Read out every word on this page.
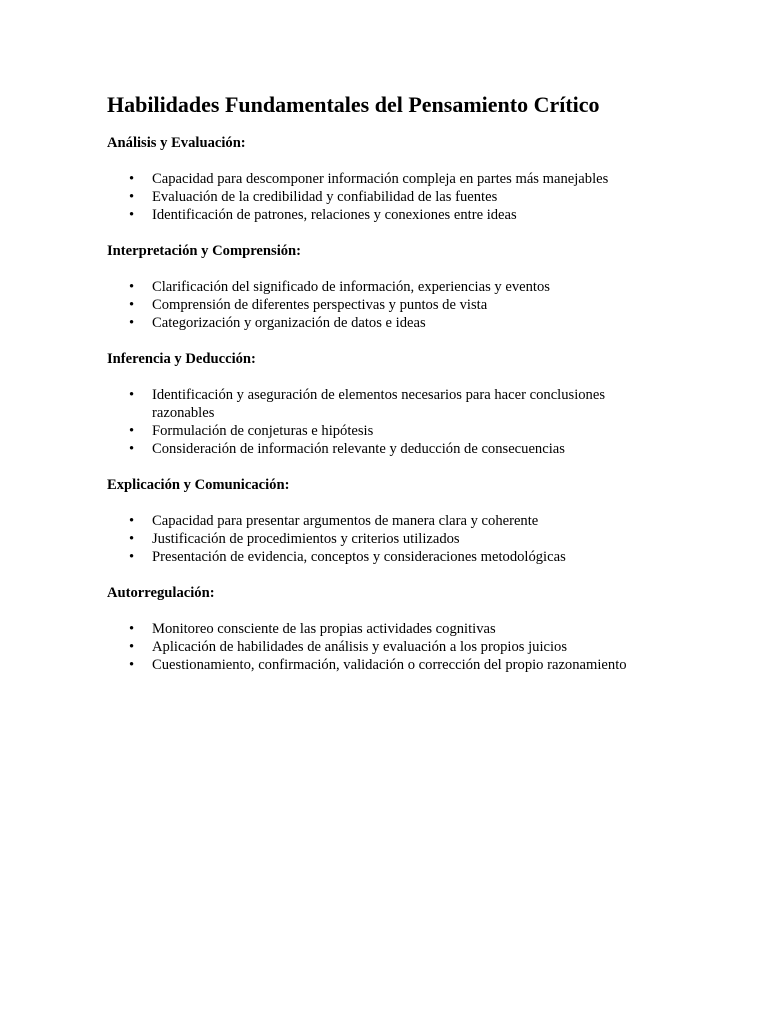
Habilidades Fundamentales del Pensamiento Crítico

Análisis y Evaluación:

• Capacidad para descomponer información compleja en partes más manejables
• Evaluación de la credibilidad y confiabilidad de las fuentes
• Identificación de patrones, relaciones y conexiones entre ideas

Interpretación y Comprensión:

• Clarificación del significado de información, experiencias y eventos
• Comprensión de diferentes perspectivas y puntos de vista
• Categorización y organización de datos e ideas

Inferencia y Deducción:

• Identificación y aseguración de elementos necesarios para hacer conclusiones razonables
• Formulación de conjeturas e hipótesis
• Consideración de información relevante y deducción de consecuencias

Explicación y Comunicación:

• Capacidad para presentar argumentos de manera clara y coherente
• Justificación de procedimientos y criterios utilizados
• Presentación de evidencia, conceptos y consideraciones metodológicas

Autorregulación:

• Monitoreo consciente de las propias actividades cognitivas
• Aplicación de habilidades de análisis y evaluación a los propios juicios
• Cuestionamiento, confirmación, validación o corrección del propio razonamiento
